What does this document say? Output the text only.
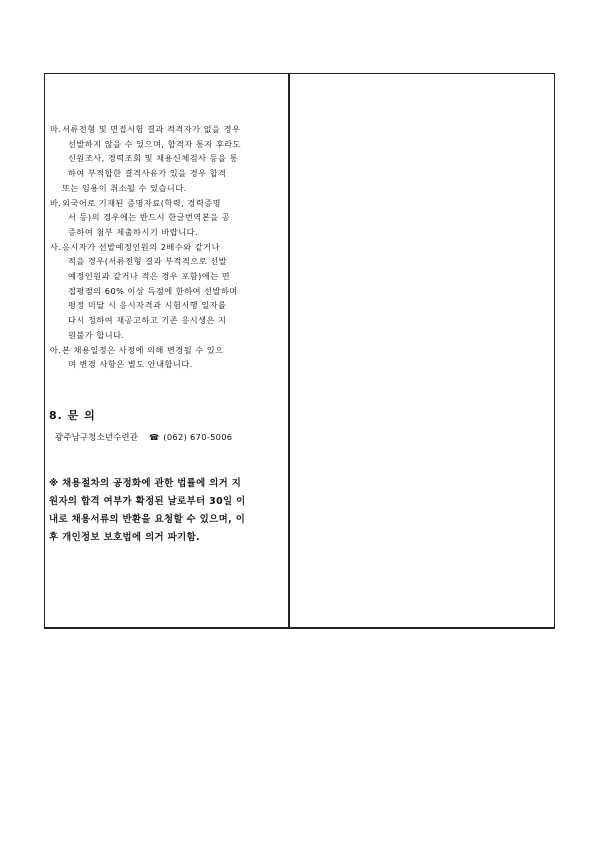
마. 서류전형 및 면접시험 결과 적격자가 없을 경우
선발하지 않을 수 있으며, 합격자 통지 후라도
신원조사, 경력조회 및 채용신체검사 등을 통
하여 부적합한 결격사유가 있을 경우 합격
또는 임용이 취소될 수 있습니다.
바. 외국어로 기재된 증명자료(학력, 경력증명
서 등)의 경우에는 반드시 한글번역본을 공
증하여 첨부 제출하시기 바랍니다.
사. 응시자가 선발예정인원의 2배수와 같거나
적을 경우(서류전형 결과 부적격으로 선발
예정인원과 같거나 적은 경우 포함)에는 면
접평점의 60% 이상 득점에 한하여 선발하며
평정 미달 시 응시자격과 시험시행 일자를
다시 정하여 재공고하고 기존 응시생은 지
원불가 합니다.
아. 본 채용일정은 사정에 의해 변경될 수 있으
며 변경 사항은 별도 안내합니다.
8. 문 의
광주남구청소년수련관 ☎ (062) 670-5006
※ 채용절차의 공정화에 관한 법률에 의거 지
원자의 합격 여부가 확정된 날로부터 30일 이
내로 채용서류의 반환을 요청할 수 있으며, 이
후 개인정보 보호법에 의거 파기함.
